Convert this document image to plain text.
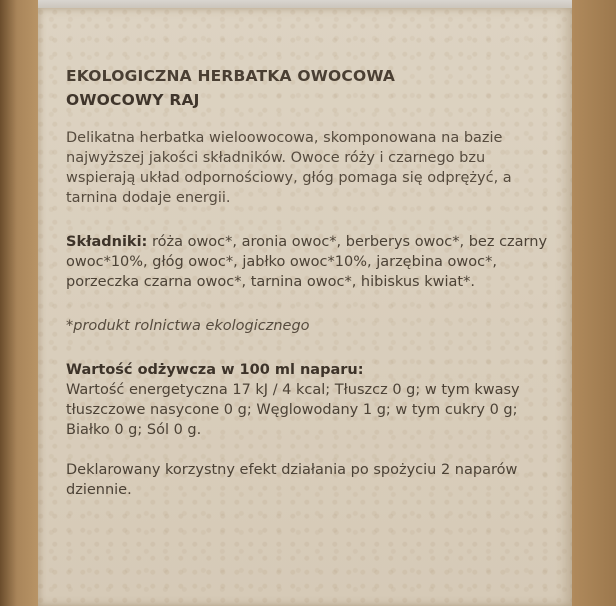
EKOLOGICZNA HERBATKA OWOCOWA

OWOCOWY RAJ

Delikatna herbatka wieloowocowa, skomponowana na bazie najwyższej jakości składników. Owoce róży i czarnego bzu wspierają układ odpornościowy, głóg pomaga się odprężyć, a tarnina dodaje energii.

Składniki: róża owoc*, aronia owoc*, berberys owoc*, bez czarny owoc*10%, głóg owoc*, jabłko owoc*10%, jarzębina owoc*, porzeczka czarna owoc*, tarnina owoc*, hibiskus kwiat*.

*produkt rolnictwa ekologicznego

Wartość odżywcza w 100 ml naparu:

Wartość energetyczna 17 kJ / 4 kcal; Tłuszcz 0 g; w tym kwasy tłuszczowe nasycone 0 g; Węglowodany 1 g; w tym cukry 0 g; Białko 0 g; Sól 0 g.

Deklarowany korzystny efekt działania po spożyciu 2 naparów dziennie.
